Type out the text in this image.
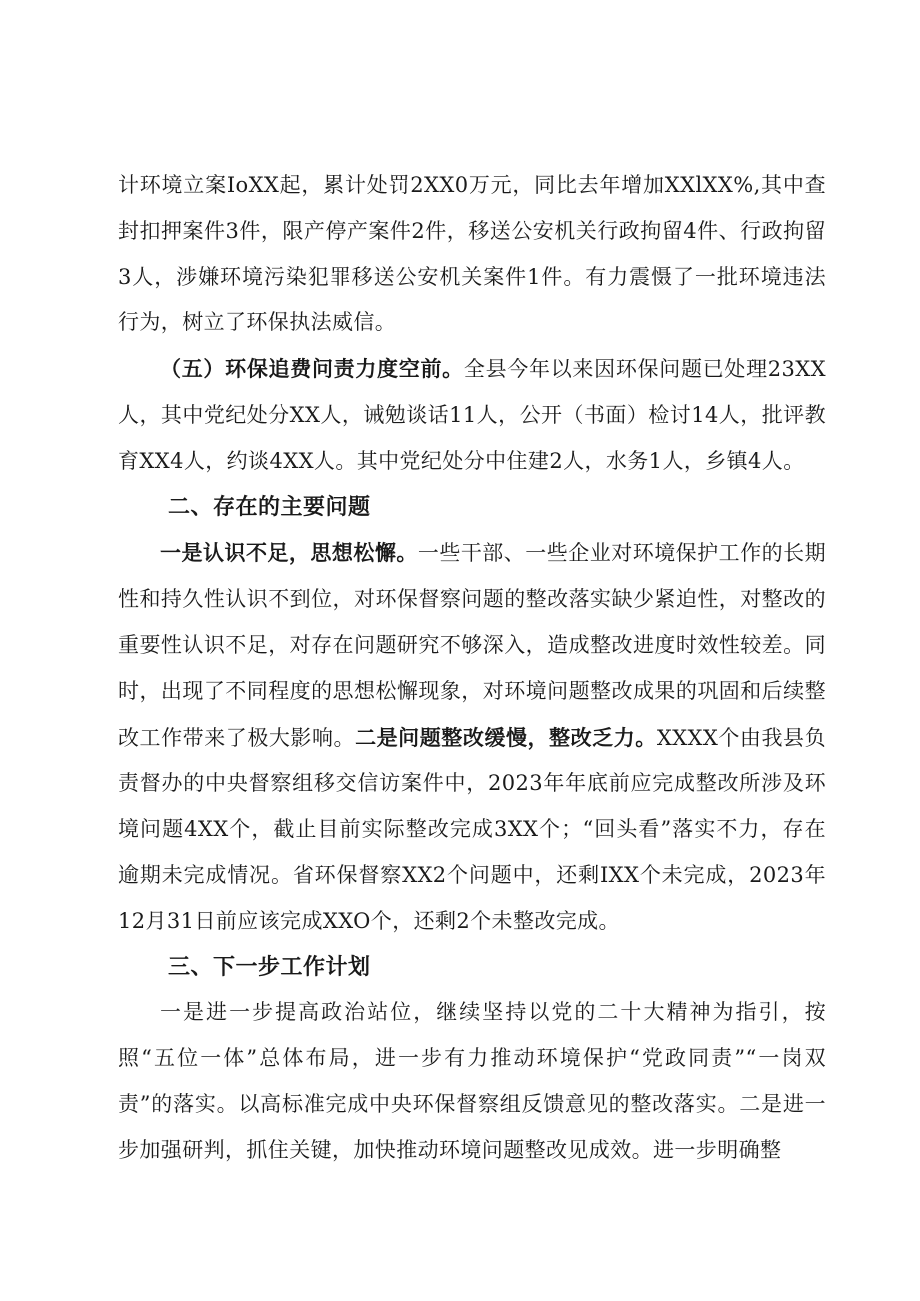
计环境立案IoXX起，累计处罚2XX0万元，同比去年增加XXlXX%,其中查封扣押案件3件，限产停产案件2件，移送公安机关行政拘留4件、行政拘留3人，涉嫌环境污染犯罪移送公安机关案件1件。有力震慑了一批环境违法行为，树立了环保执法威信。

（五）环保追费问责力度空前。全县今年以来因环保问题已处理23XX人，其中党纪处分XX人，诫勉谈话11人，公开（书面）检讨14人，批评教育XX4人，约谈4XX人。其中党纪处分中住建2人，水务1人，乡镇4人。

二、存在的主要问题

一是认识不足，思想松懈。一些干部、一些企业对环境保护工作的长期性和持久性认识不到位，对环保督察问题的整改落实缺少紧迫性，对整改的重要性认识不足，对存在问题研究不够深入，造成整改进度时效性较差。同时，出现了不同程度的思想松懈现象，对环境问题整改成果的巩固和后续整改工作带来了极大影响。二是问题整改缓慢，整改乏力。XXXX个由我县负责督办的中央督察组移交信访案件中，2023年年底前应完成整改所涉及环境问题4XX个，截止目前实际整改完成3XX个；“回头看”落实不力，存在逾期未完成情况。省环保督察XX2个问题中，还剩IXX个未完成，2023年12月31日前应该完成XXO个，还剩2个未整改完成。

三、下一步工作计划

一是进一步提高政治站位，继续坚持以党的二十大精神为指引，按照“五位一体”总体布局，进一步有力推动环境保护“党政同责”“一岗双责”的落实。以高标准完成中央环保督察组反馈意见的整改落实。二是进一步加强研判，抓住关键，加快推动环境问题整改见成效。进一步明确整
